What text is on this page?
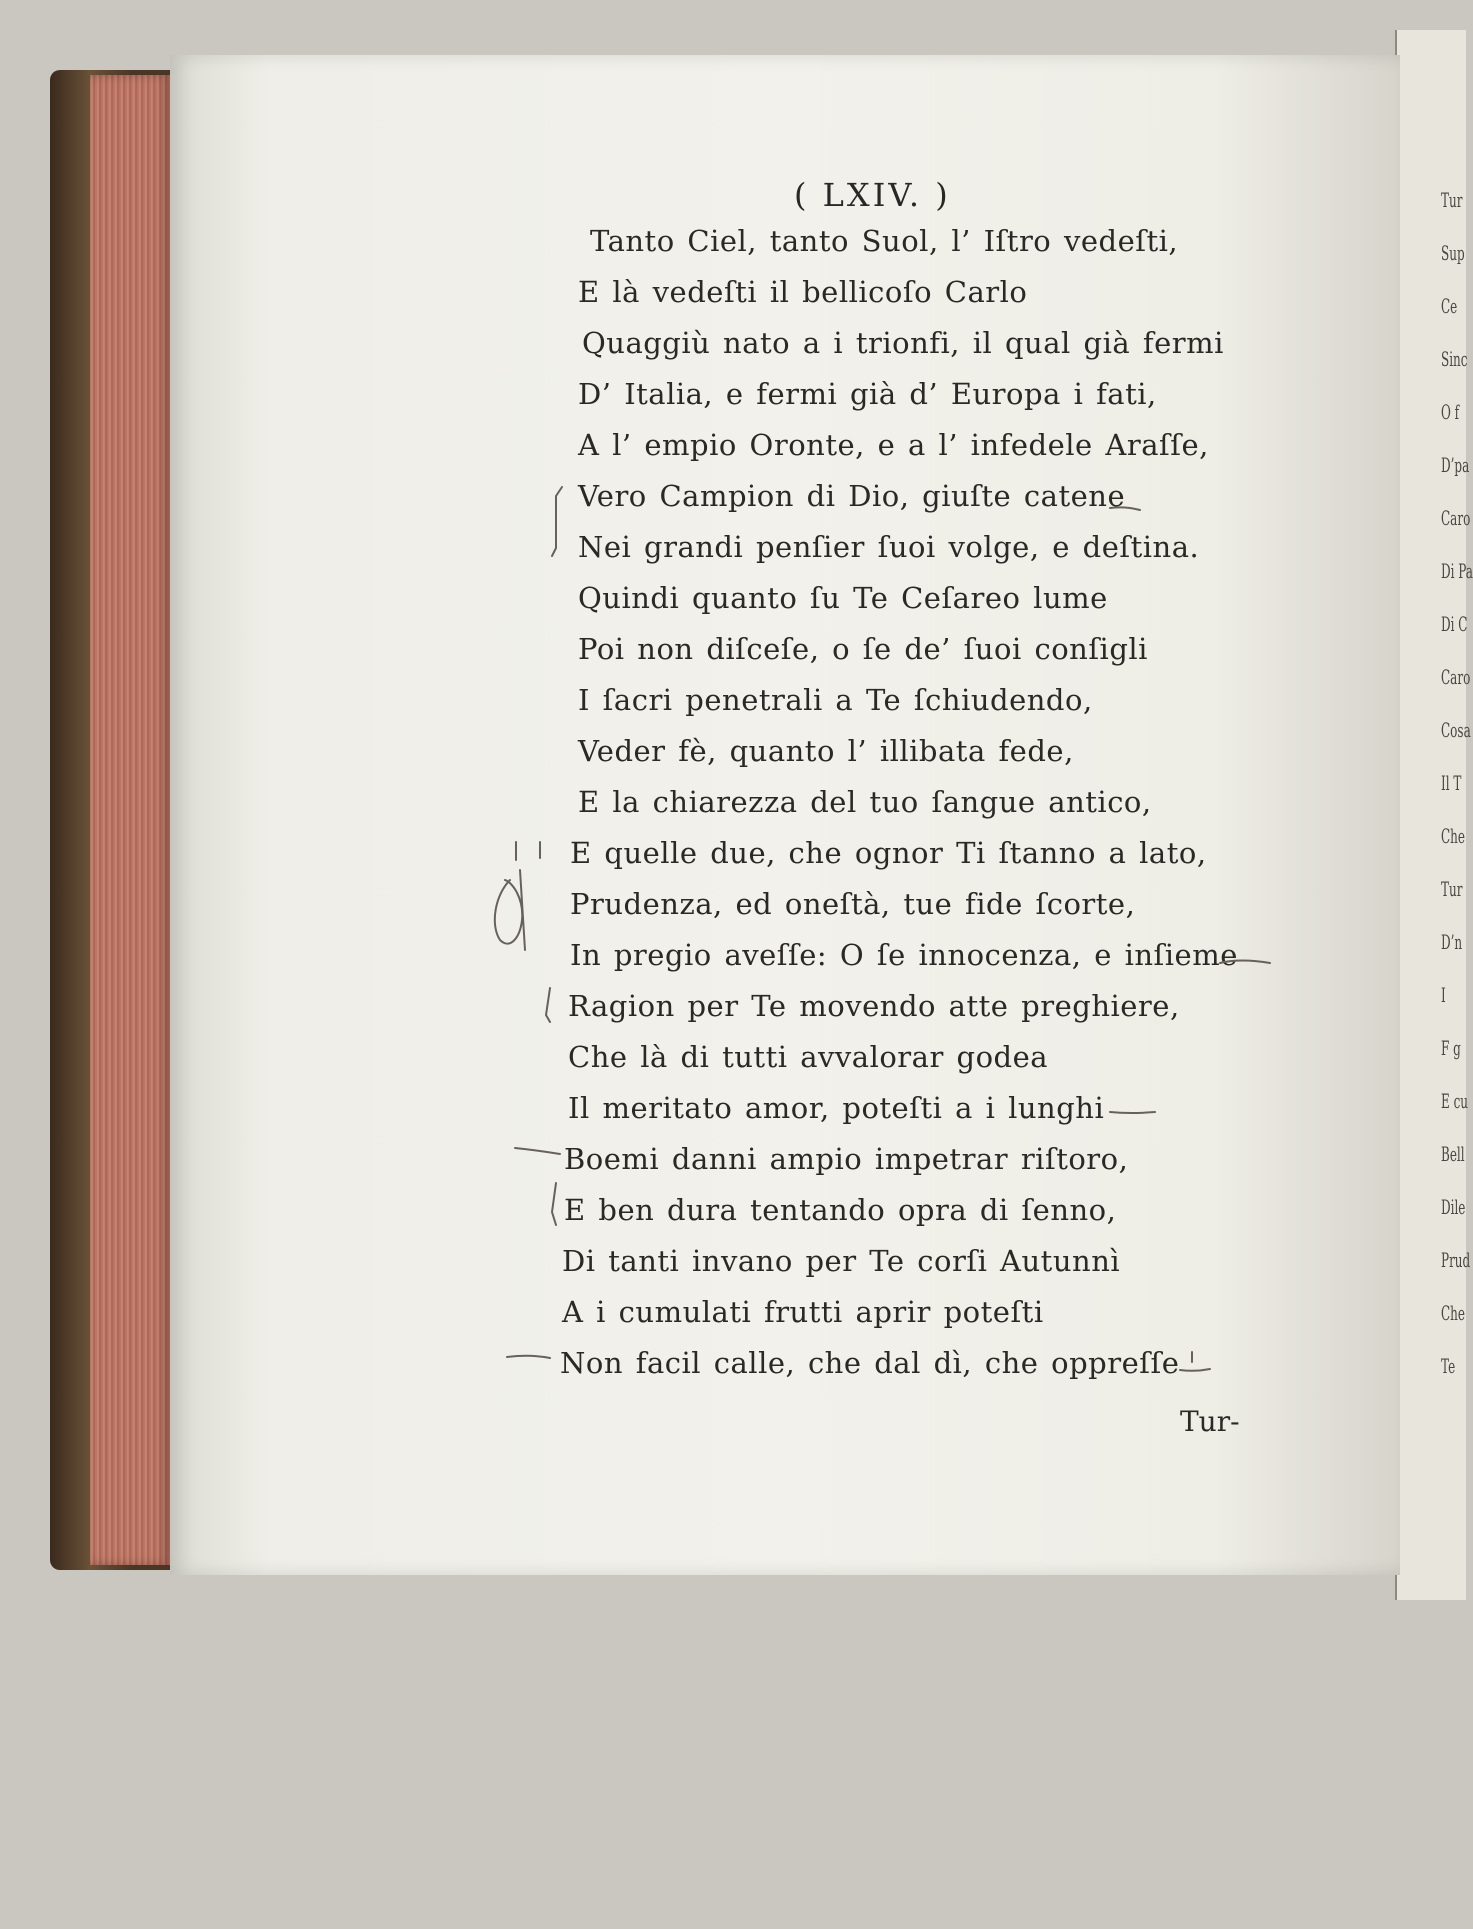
Tur
Sup
Ce
Sinc
O f
D’pa
Caro
Di Pa
Di C
Caro
Cosa
Il T
Che
Tur
D’n
I
F g
E cu
Bell
Dile
Prud
Che
Te
( LXIV. )
Tanto Ciel, tanto Suol, l’ Iſtro vedeſti,
E là vedeſti il bellicoſo Carlo
Quaggiù nato a i trionfi, il qual già fermi
D’ Italia, e fermi già d’ Europa i fati,
A l’ empio Oronte, e a l’ infedele Araſſe,
Vero Campion di Dio, giuſte catene
Nei grandi penſier ſuoi volge, e deſtina.
Quindi quanto ſu Te Ceſareo lume
Poi non diſceſe, o ſe de’ ſuoi conſigli
I ſacri penetrali a Te ſchiudendo,
Veder fè, quanto l’ illibata fede,
E la chiarezza del tuo ſangue antico,
E quelle due, che ognor Ti ſtanno a lato,
Prudenza, ed oneſtà, tue fide ſcorte,
In pregio aveſſe: O ſe innocenza, e inſieme
Ragion per Te movendo atte preghiere,
Che là di tutti avvalorar godea
Il meritato amor, poteſti a i lunghi
Boemi danni ampio impetrar riſtoro,
E ben dura tentando opra di ſenno,
Di tanti invano per Te corſi Autunnì
A i cumulati frutti aprir poteſti
Non facil calle, che dal dì, che oppreſſe
Tur-
